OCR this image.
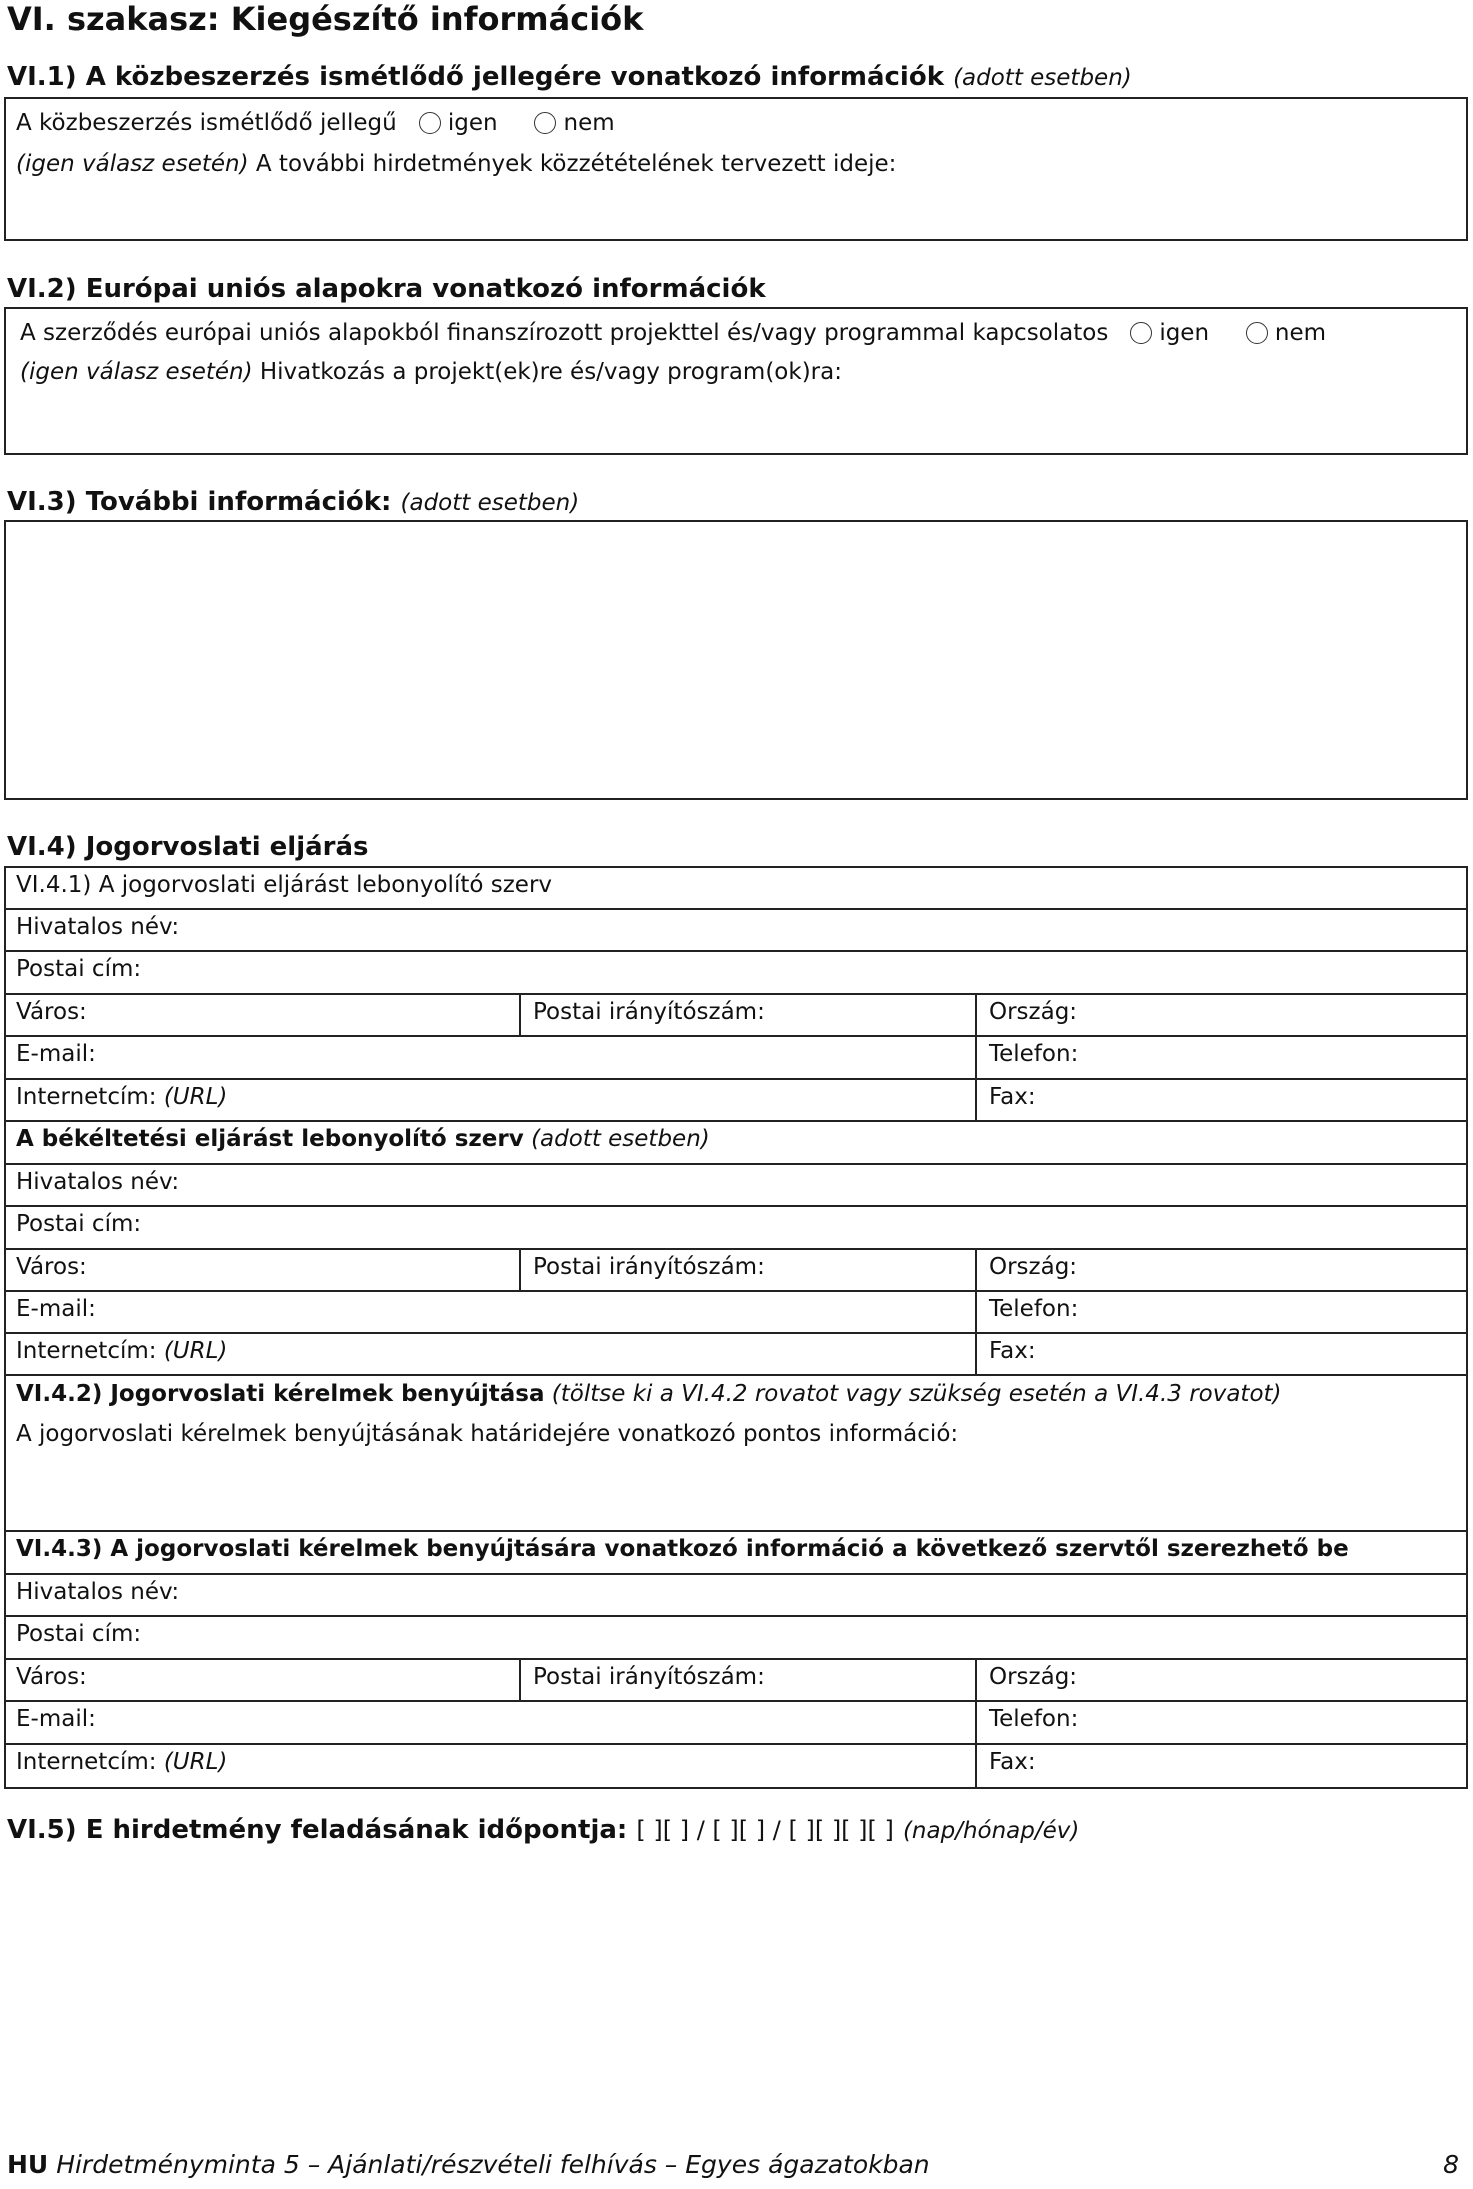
VI. szakasz: Kiegészítő információk
VI.1) A közbeszerzés ismétlődő jellegére vonatkozó információk (adott esetben)
A közbeszerzés ismétlődő jellegű igen	nem
(igen válasz esetén) A további hirdetmények közzétételének tervezett ideje:
VI.2) Európai uniós alapokra vonatkozó információk
A szerződés európai uniós alapokból finanszírozott projekttel és/vagy programmal kapcsolatos	igen	nem
(igen válasz esetén) Hivatkozás a projekt(ek)re és/vagy program(ok)ra:
VI.3) További információk: (adott esetben)
VI.4) Jogorvoslati eljárás
VI.4.1) A jogorvoslati eljárást lebonyolító szerv
Hivatalos név:
Postai cím:
Város:	Postai irányítószám:	Ország:
E-mail:	Telefon:
Internetcím: (URL)	Fax:
A békéltetési eljárást lebonyolító szerv (adott esetben)
Hivatalos név:
Postai cím:
Város:	Postai irányítószám:	Ország:
E-mail:	Telefon:
Internetcím: (URL)	Fax:
VI.4.2) Jogorvoslati kérelmek benyújtása (töltse ki a VI.4.2 rovatot vagy szükség esetén a VI.4.3 rovatot)
A jogorvoslati kérelmek benyújtásának határidejére vonatkozó pontos információ:
VI.4.3) A jogorvoslati kérelmek benyújtására vonatkozó információ a következő szervtől szerezhető be
Hivatalos név:
Postai cím:
Város:	Postai irányítószám:	Ország:
E-mail:	Telefon:
Internetcím: (URL)	Fax:
VI.5) E hirdetmény feladásának időpontja: [ ][ ] / [ ][ ] / [ ][ ][ ][ ] (nap/hónap/év)
HU Hirdetményminta 5 – Ajánlati/részvételi felhívás – Egyes ágazatokban	8
